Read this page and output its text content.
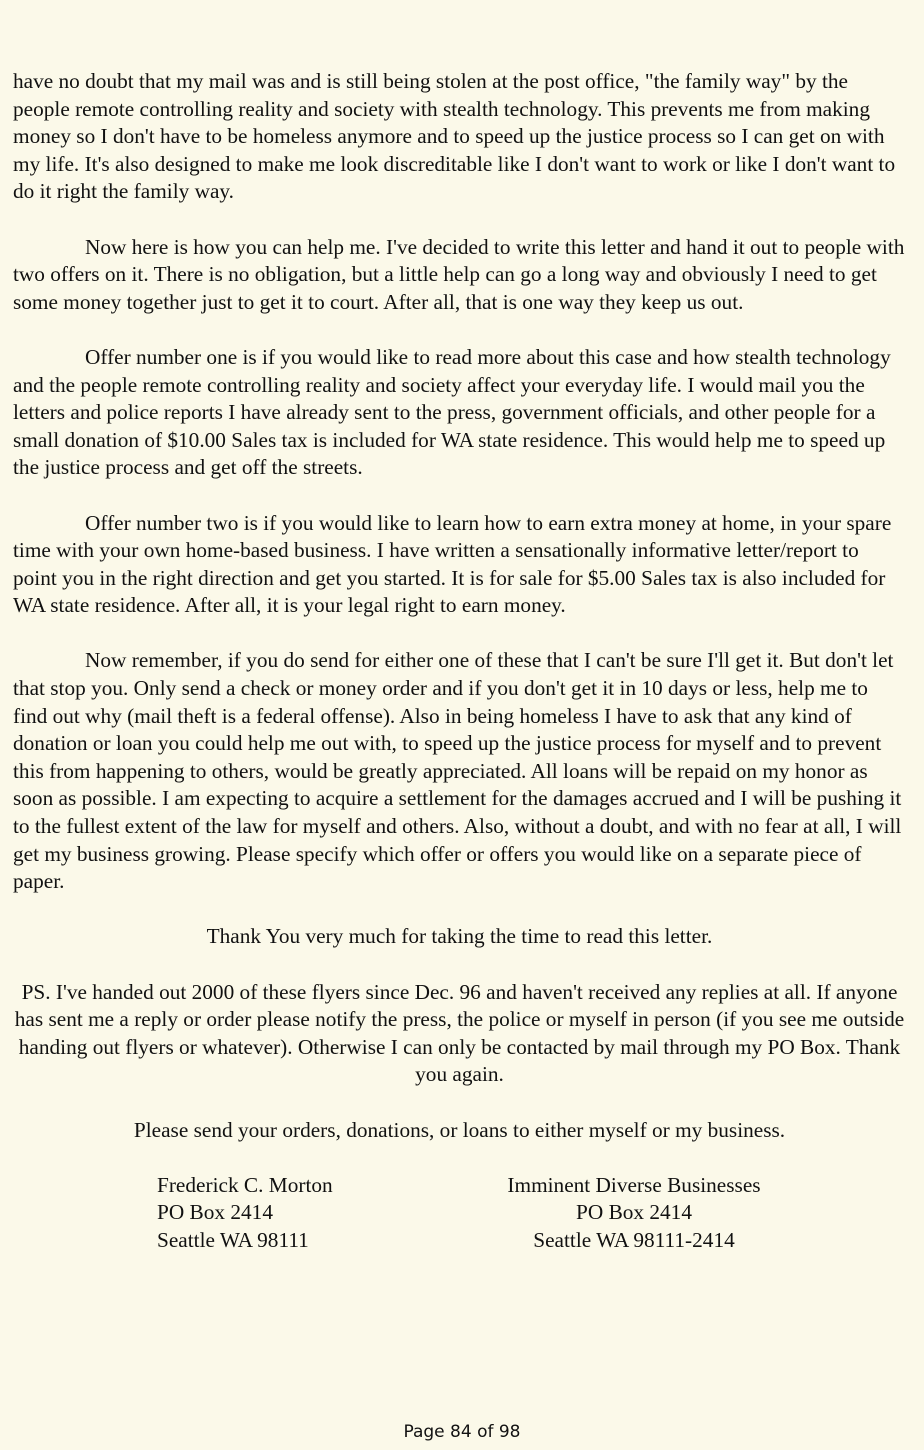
have no doubt that my mail was and is still being stolen at the post office, "the family way" by the people remote controlling reality and society with stealth technology. This prevents me from making money so I don't have to be homeless anymore and to speed up the justice process so I can get on with my life. It's also designed to make me look discreditable like I don't want to work or like I don't want to do it right the family way.

Now here is how you can help me. I've decided to write this letter and hand it out to people with two offers on it. There is no obligation, but a little help can go a long way and obviously I need to get some money together just to get it to court. After all, that is one way they keep us out.

Offer number one is if you would like to read more about this case and how stealth technology and the people remote controlling reality and society affect your everyday life. I would mail you the letters and police reports I have already sent to the press, government officials, and other people for a small donation of $10.00 Sales tax is included for WA state residence. This would help me to speed up the justice process and get off the streets.

Offer number two is if you would like to learn how to earn extra money at home, in your spare time with your own home-based business. I have written a sensationally informative letter/report to point you in the right direction and get you started. It is for sale for $5.00 Sales tax is also included for WA state residence. After all, it is your legal right to earn money.

Now remember, if you do send for either one of these that I can't be sure I'll get it. But don't let that stop you. Only send a check or money order and if you don't get it in 10 days or less, help me to find out why (mail theft is a federal offense). Also in being homeless I have to ask that any kind of donation or loan you could help me out with, to speed up the justice process for myself and to prevent this from happening to others, would be greatly appreciated. All loans will be repaid on my honor as soon as possible. I am expecting to acquire a settlement for the damages accrued and I will be pushing it to the fullest extent of the law for myself and others. Also, without a doubt, and with no fear at all, I will get my business growing. Please specify which offer or offers you would like on a separate piece of paper.

Thank You very much for taking the time to read this letter.

PS. I've handed out 2000 of these flyers since Dec. 96 and haven't received any replies at all. If anyone has sent me a reply or order please notify the press, the police or myself in person (if you see me outside handing out flyers or whatever). Otherwise I can only be contacted by mail through my PO Box. Thank you again.

Please send your orders, donations, or loans to either myself or my business.

Frederick C. Morton
PO Box 2414
Seattle WA 98111
Imminent Diverse Businesses
PO Box 2414
Seattle WA 98111-2414
Page 84 of 98
